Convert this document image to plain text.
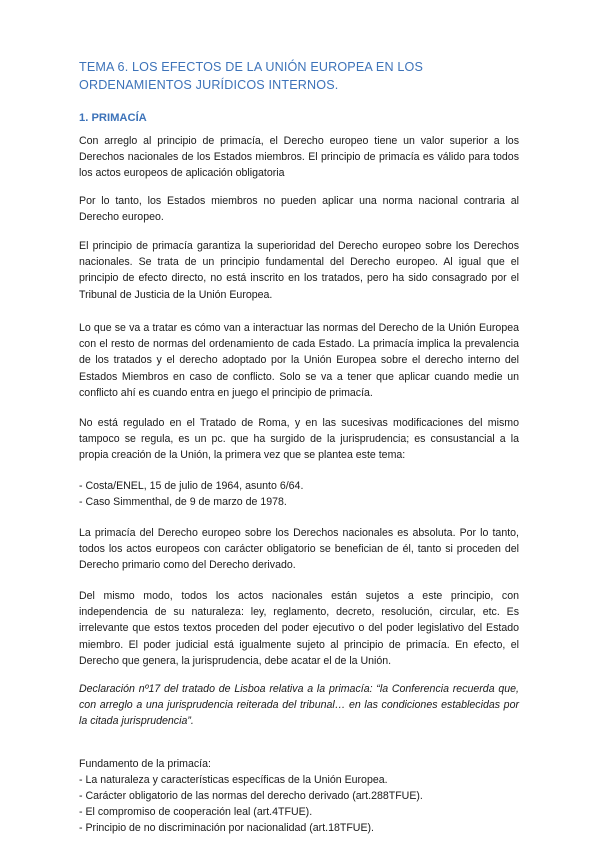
TEMA 6. LOS EFECTOS DE LA UNIÓN EUROPEA EN LOS ORDENAMIENTOS JURÍDICOS INTERNOS.
1. PRIMACÍA

Con arreglo al principio de primacía, el Derecho europeo tiene un valor superior a los Derechos nacionales de los Estados miembros. El principio de primacía es válido para todos los actos europeos de aplicación obligatoria

Por lo tanto, los Estados miembros no pueden aplicar una norma nacional contraria al Derecho europeo.

El principio de primacía garantiza la superioridad del Derecho europeo sobre los Derechos nacionales. Se trata de un principio fundamental del Derecho europeo. Al igual que el principio de efecto directo, no está inscrito en los tratados, pero ha sido consagrado por el Tribunal de Justicia de la Unión Europea.

Lo que se va a tratar es cómo van a interactuar las normas del Derecho de la Unión Europea con el resto de normas del ordenamiento de cada Estado. La primacía implica la prevalencia de los tratados y el derecho adoptado por la Unión Europea sobre el derecho interno del Estados Miembros en caso de conflicto. Solo se va a tener que aplicar cuando medie un conflicto ahí es cuando entra en juego el principio de primacía.

No está regulado en el Tratado de Roma, y en las sucesivas modificaciones del mismo tampoco se regula, es un pc. que ha surgido de la jurisprudencia; es consustancial a la propia creación de la Unión, la primera vez que se plantea este tema:

- Costa/ENEL, 15 de julio de 1964, asunto 6/64.

- Caso Simmenthal, de 9 de marzo de 1978.

La primacía del Derecho europeo sobre los Derechos nacionales es absoluta. Por lo tanto, todos los actos europeos con carácter obligatorio se benefician de él, tanto si proceden del Derecho primario como del Derecho derivado.

Del mismo modo, todos los actos nacionales están sujetos a este principio, con independencia de su naturaleza: ley, reglamento, decreto, resolución, circular, etc. Es irrelevante que estos textos proceden del poder ejecutivo o del poder legislativo del Estado miembro. El poder judicial está igualmente sujeto al principio de primacía. En efecto, el Derecho que genera, la jurisprudencia, debe acatar el de la Unión.

Declaración nº17 del tratado de Lisboa relativa a la primacía: “la Conferencia recuerda que, con arreglo a una jurisprudencia reiterada del tribunal… en las condiciones establecidas por la citada jurisprudencia”.

Fundamento de la primacía:

- La naturaleza y características específicas de la Unión Europea.

- Carácter obligatorio de las normas del derecho derivado (art.288TFUE).

- El compromiso de cooperación leal (art.4TFUE).

- Principio de no discriminación por nacionalidad (art.18TFUE).
